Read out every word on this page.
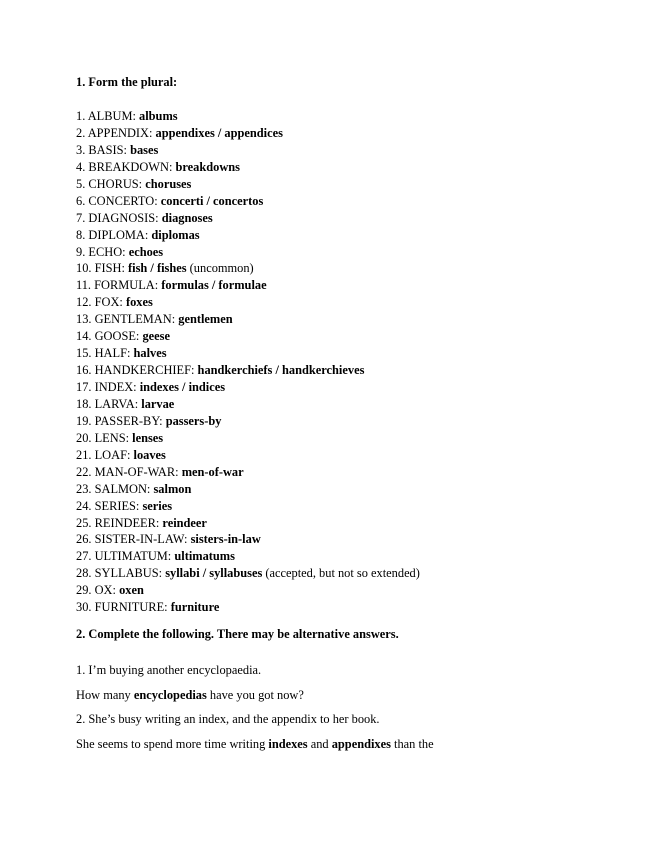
1. Form the plural:

1. ALBUM: albums
2. APPENDIX: appendixes / appendices
3. BASIS: bases
4. BREAKDOWN: breakdowns
5. CHORUS: choruses
6. CONCERTO: concerti / concertos
7. DIAGNOSIS: diagnoses
8. DIPLOMA: diplomas
9. ECHO: echoes
10. FISH: fish / fishes (uncommon)
11. FORMULA: formulas / formulae
12. FOX: foxes
13. GENTLEMAN: gentlemen
14. GOOSE: geese
15. HALF: halves
16. HANDKERCHIEF: handkerchiefs / handkerchieves
17. INDEX: indexes / indices
18. LARVA: larvae
19. PASSER-BY: passers-by
20. LENS: lenses
21. LOAF: loaves
22. MAN-OF-WAR: men-of-war
23. SALMON: salmon
24. SERIES: series
25. REINDEER: reindeer
26. SISTER-IN-LAW: sisters-in-law
27. ULTIMATUM: ultimatums
28. SYLLABUS: syllabi / syllabuses (accepted, but not so extended)
29. OX: oxen
30. FURNITURE: furniture

2. Complete the following. There may be alternative answers.

1. I’m buying another encyclopaedia.
How many encyclopedias have you got now?
2. She’s busy writing an index, and the appendix to her book.
She seems to spend more time writing indexes and appendixes than the
